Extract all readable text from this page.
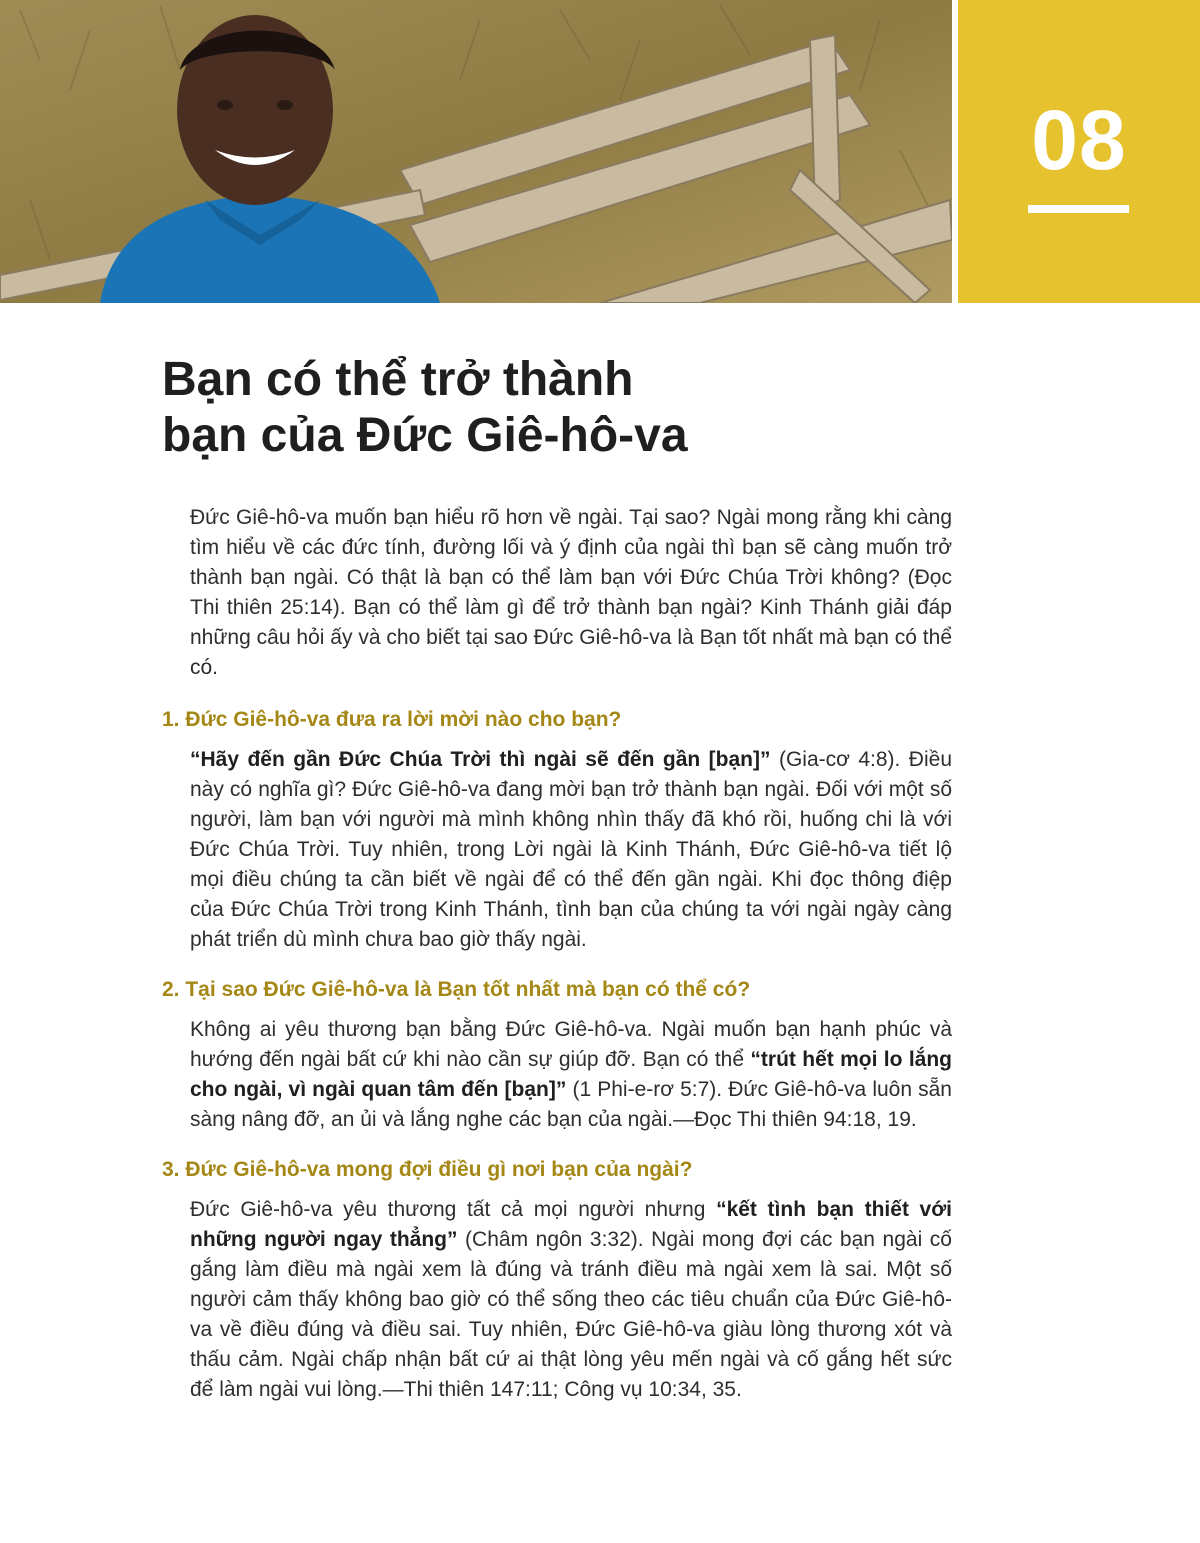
08
Bạn có thể trở thành
bạn của Đức Giê-hô-va

Đức Giê-hô-va muốn bạn hiểu rõ hơn về ngài. Tại sao? Ngài mong rằng khi càng tìm hiểu về các đức tính, đường lối và ý định của ngài thì bạn sẽ càng muốn trở thành bạn ngài. Có thật là bạn có thể làm bạn với Đức Chúa Trời không? (Đọc Thi thiên 25:14). Bạn có thể làm gì để trở thành bạn ngài? Kinh Thánh giải đáp những câu hỏi ấy và cho biết tại sao Đức Giê-hô-va là Bạn tốt nhất mà bạn có thể có.

1. Đức Giê-hô-va đưa ra lời mời nào cho bạn?

“Hãy đến gần Đức Chúa Trời thì ngài sẽ đến gần [bạn]” (Gia-cơ 4:8). Điều này có nghĩa gì? Đức Giê-hô-va đang mời bạn trở thành bạn ngài. Đối với một số người, làm bạn với người mà mình không nhìn thấy đã khó rồi, huống chi là với Đức Chúa Trời. Tuy nhiên, trong Lời ngài là Kinh Thánh, Đức Giê-hô-va tiết lộ mọi điều chúng ta cần biết về ngài để có thể đến gần ngài. Khi đọc thông điệp của Đức Chúa Trời trong Kinh Thánh, tình bạn của chúng ta với ngài ngày càng phát triển dù mình chưa bao giờ thấy ngài.

2. Tại sao Đức Giê-hô-va là Bạn tốt nhất mà bạn có thể có?

Không ai yêu thương bạn bằng Đức Giê-hô-va. Ngài muốn bạn hạnh phúc và hướng đến ngài bất cứ khi nào cần sự giúp đỡ. Bạn có thể “trút hết mọi lo lắng cho ngài, vì ngài quan tâm đến [bạn]” (1 Phi-e-rơ 5:7). Đức Giê-hô-va luôn sẵn sàng nâng đỡ, an ủi và lắng nghe các bạn của ngài.—Đọc Thi thiên 94:18, 19.

3. Đức Giê-hô-va mong đợi điều gì nơi bạn của ngài?

Đức Giê-hô-va yêu thương tất cả mọi người nhưng “kết tình bạn thiết với những người ngay thẳng” (Châm ngôn 3:32). Ngài mong đợi các bạn ngài cố gắng làm điều mà ngài xem là đúng và tránh điều mà ngài xem là sai. Một số người cảm thấy không bao giờ có thể sống theo các tiêu chuẩn của Đức Giê-hô-va về điều đúng và điều sai. Tuy nhiên, Đức Giê-hô-va giàu lòng thương xót và thấu cảm. Ngài chấp nhận bất cứ ai thật lòng yêu mến ngài và cố gắng hết sức để làm ngài vui lòng.—Thi thiên 147:11; Công vụ 10:34, 35.
